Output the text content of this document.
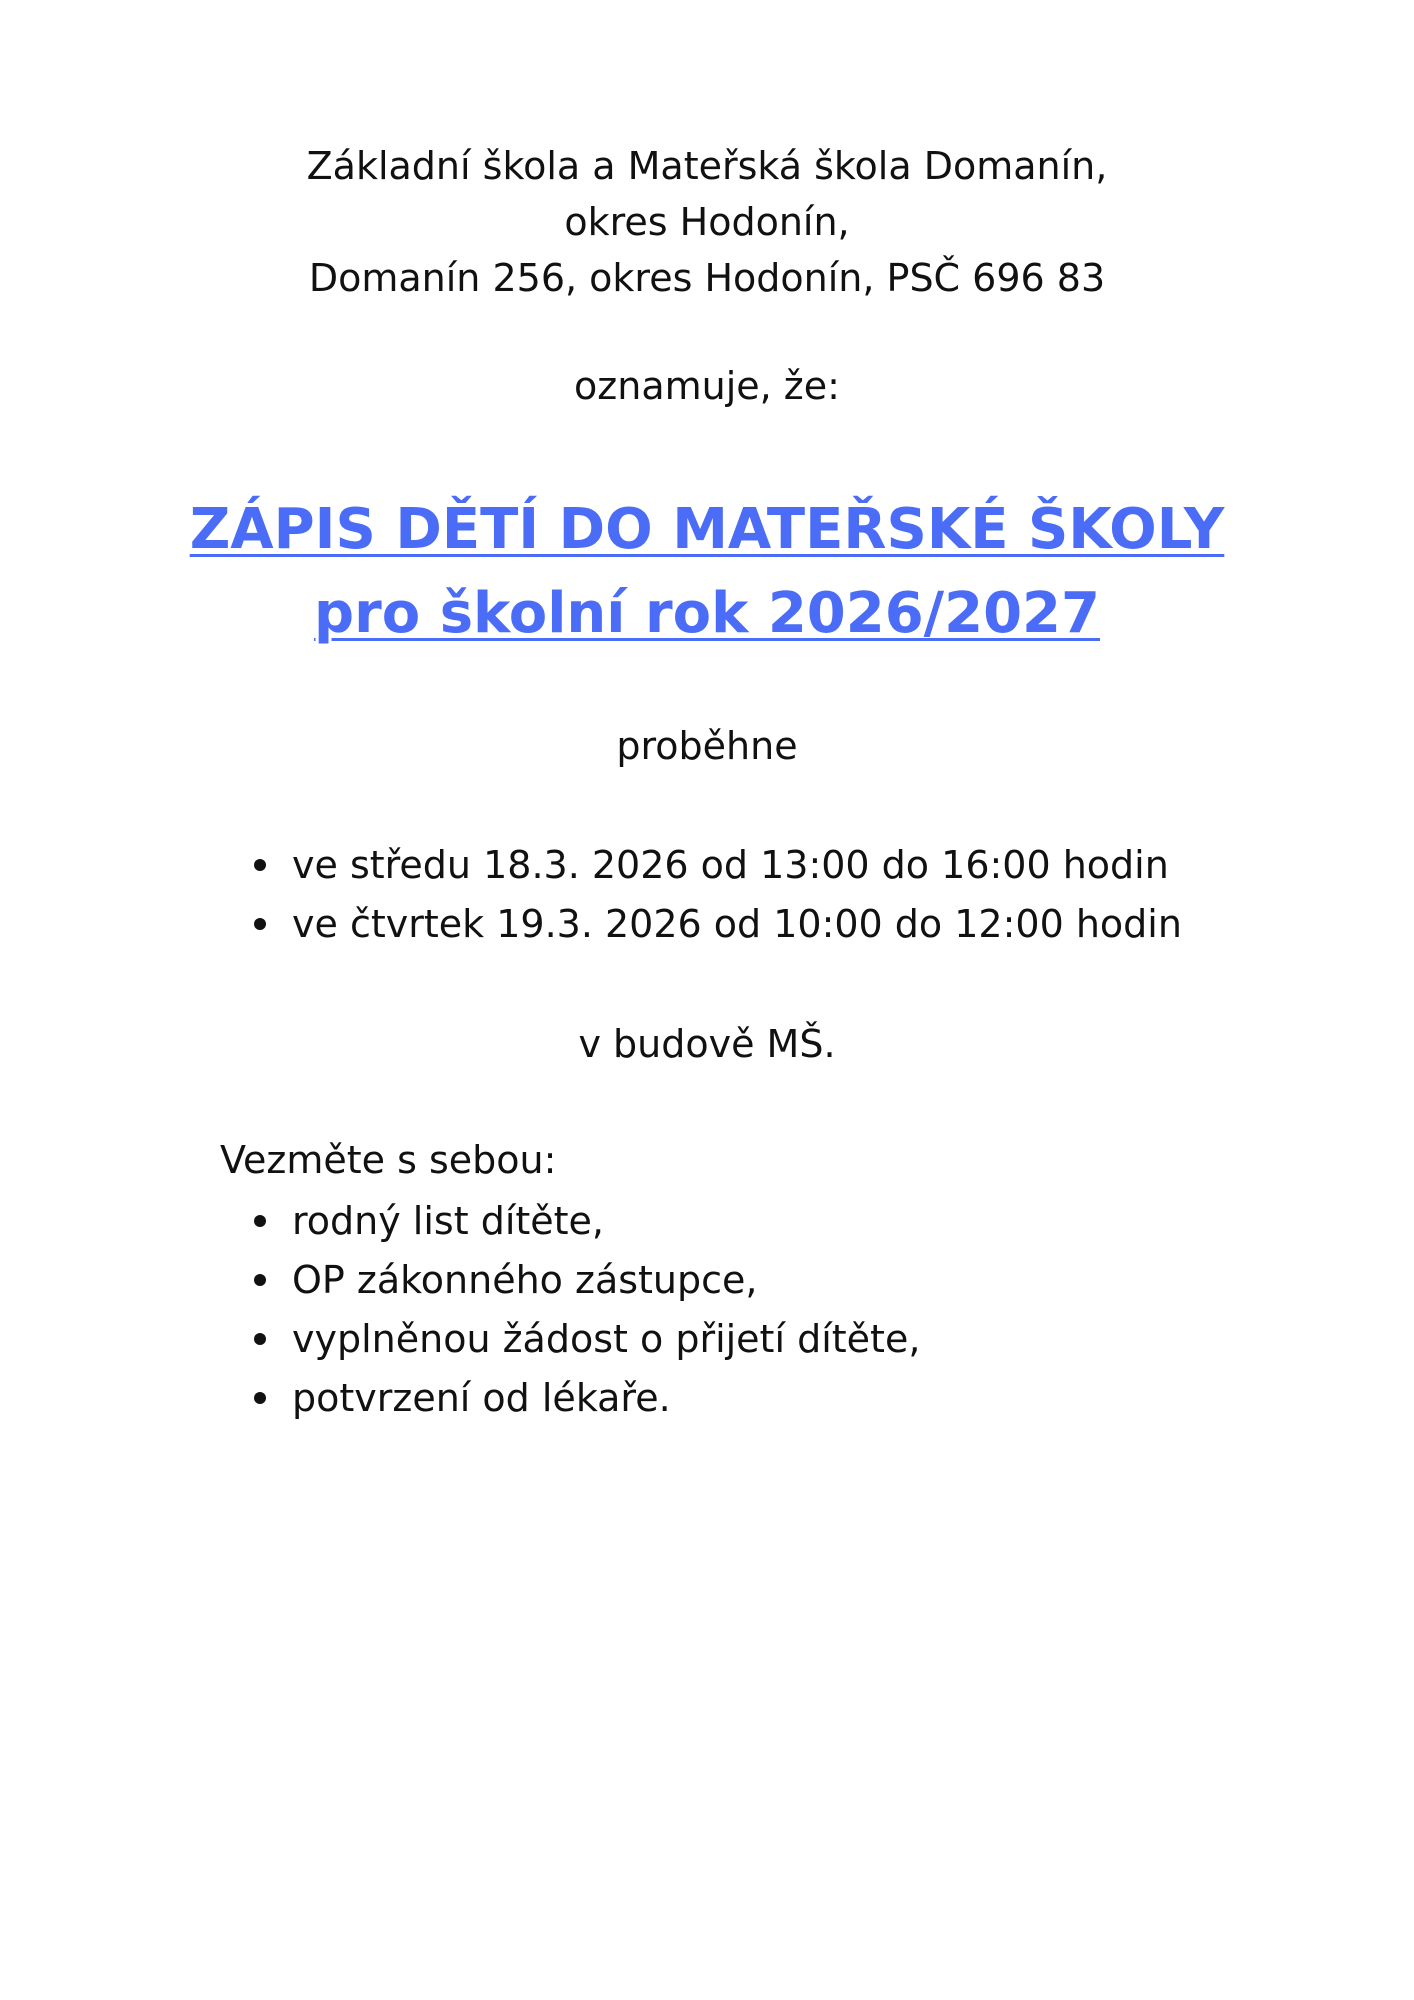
Základní škola a Mateřská škola Domanín,
okres Hodonín,
Domanín 256, okres Hodonín, PSČ 696 83
oznamuje, že:
ZÁPIS DĚTÍ DO MATEŘSKÉ ŠKOLY
pro školní rok 2026/2027
proběhne
ve středu 18.3. 2026 od 13:00 do 16:00 hodin
ve čtvrtek 19.3. 2026 od 10:00 do 12:00 hodin
v budově MŠ.
Vezměte s sebou:
rodný list dítěte,
OP zákonného zástupce,
vyplněnou žádost o přijetí dítěte,
potvrzení od lékaře.
